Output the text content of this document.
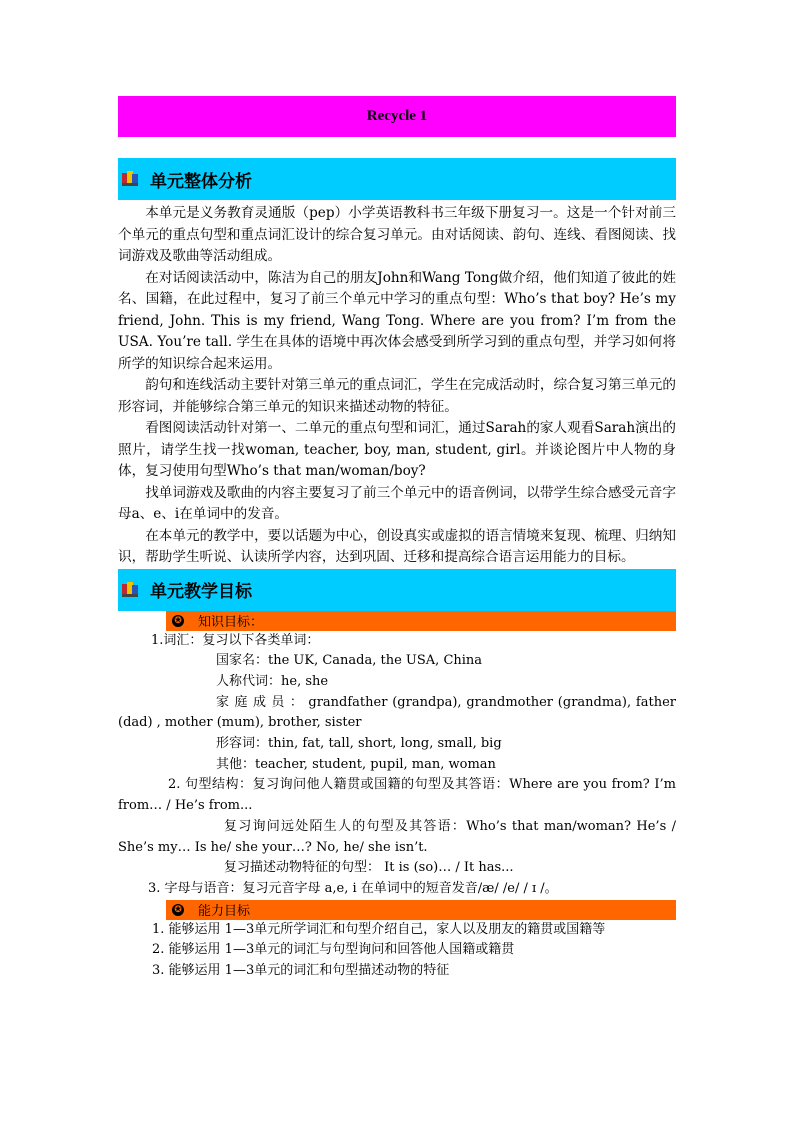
Recycle 1
单元整体分析

本单元是义务教育灵通版（pep）小学英语教科书三年级下册复习一。这是一个针对前三个单元的重点句型和重点词汇设计的综合复习单元。由对话阅读、韵句、连线、看图阅读、找词游戏及歌曲等活动组成。

在对话阅读活动中，陈洁为自己的朋友John和Wang Tong做介绍，他们知道了彼此的姓名、国籍，在此过程中，复习了前三个单元中学习的重点句型：Who’s that boy? He’s my friend, John. This is my friend, Wang Tong. Where are you from? I’m from the USA. You’re tall. 学生在具体的语境中再次体会感受到所学习到的重点句型，并学习如何将所学的知识综合起来运用。

韵句和连线活动主要针对第三单元的重点词汇，学生在完成活动时，综合复习第三单元的形容词，并能够综合第三单元的知识来描述动物的特征。

看图阅读活动针对第一、二单元的重点句型和词汇，通过Sarah的家人观看Sarah演出的照片，请学生找一找woman, teacher, boy, man, student, girl。并谈论图片中人物的身体，复习使用句型Who’s that man/woman/boy?

找单词游戏及歌曲的内容主要复习了前三个单元中的语音例词，以带学生综合感受元音字母a、e、i在单词中的发音。

在本单元的教学中，要以话题为中心，创设真实或虚拟的语言情境来复现、梳理、归纳知识，帮助学生听说、认读所学内容，达到巩固、迁移和提高综合语言运用能力的目标。

单元教学目标
✪ 知识目标：

1.词汇：复习以下各类单词：

国家名：the UK, Canada, the USA, China

人称代词：he, she

家 庭 成 员 ： grandfather (grandpa), grandmother (grandma), father (dad) , mother (mum), brother, sister

形容词：thin, fat, tall, short, long, small, big

其他：teacher, student, pupil, man, woman

2. 句型结构：复习询问他人籍贯或国籍的句型及其答语：Where are you from? I’m from… / He’s from...

复习询问远处陌生人的句型及其答语：Who’s that man/woman? He’s / She’s my… Is he/ she your…? No, he/ she isn’t.

复习描述动物特征的句型： It is (so)… / It has...

3. 字母与语音：复习元音字母 a,e, i 在单词中的短音发音/æ/ /e/ / ɪ /。

✪ 能力目标

1. 能够运用 1—3单元所学词汇和句型介绍自己，家人以及朋友的籍贯或国籍等

2. 能够运用 1—3单元的词汇与句型询问和回答他人国籍或籍贯

3. 能够运用 1—3单元的词汇和句型描述动物的特征
